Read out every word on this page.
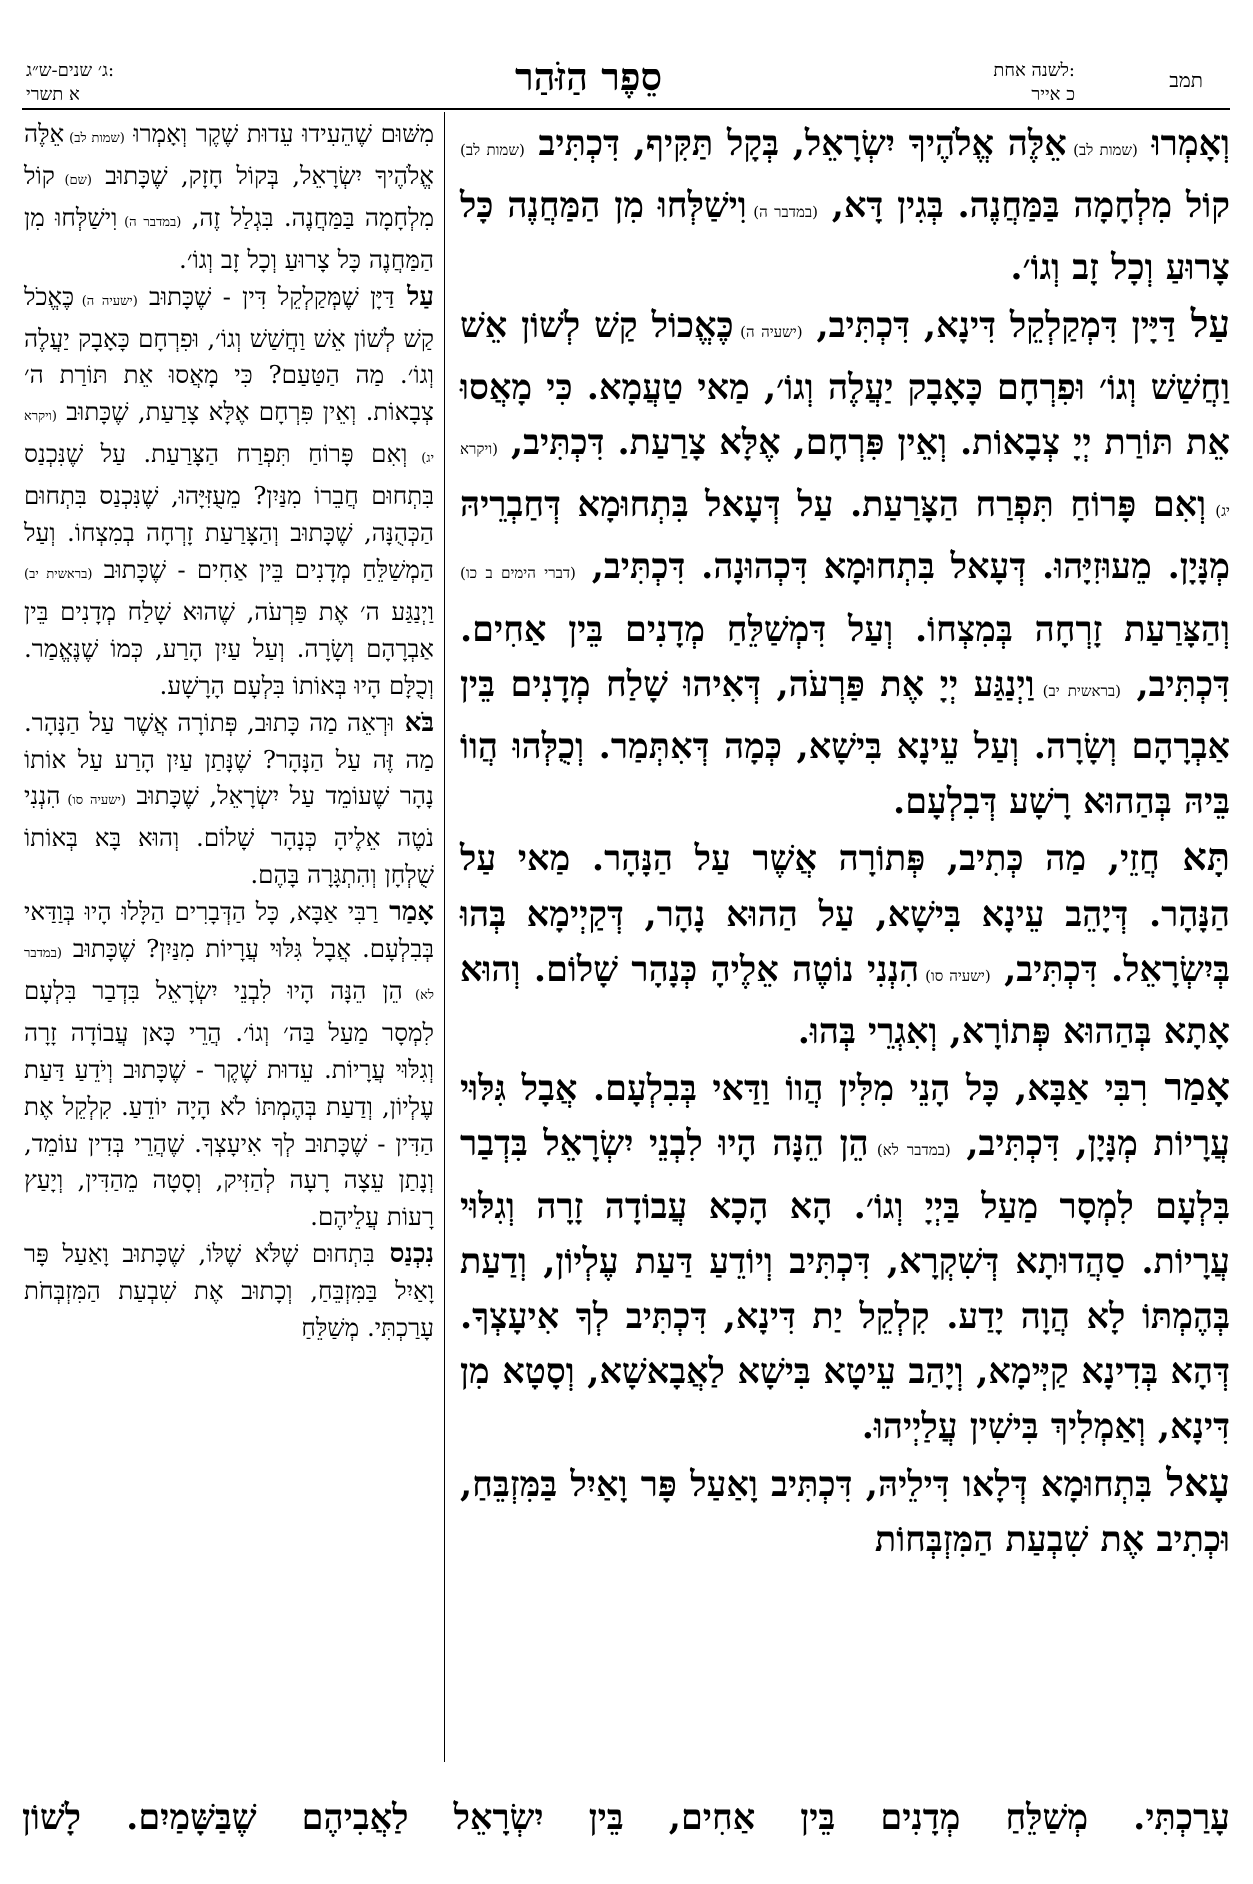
תמב
לשנה אחת:
כ אייר
סֵפֶר הַזֹּהַר
ג׳ שנים-ש״ג:
א תשרי

וְאָמְרוּ (שמות לב) אֵלֶּה אֱלֹהֶיךָ יִשְׂרָאֵל, בְּקָל תַּקִּיף, דִּכְתִּיב (שמות לב) קוֹל מִלְחָמָה בַּמַּחֲנֶה. בְּגִין דָּא, (במדבר ה) וִישַׁלְּחוּ מִן הַמַּחֲנֶה כָּל צָרוּעַ וְכָל זָב וְגוֹ׳.

עַל דַּיָּין דִּמְקַלְקֵל דִּינָא, דִּכְתִּיב, (ישעיה ה) כֶּאֱכוֹל קַשׁ לְשׁוֹן אֵשׁ וַחֲשַׁשׁ וְגוֹ׳ וּפִרְחָם כָּאָבָק יַעֲלֶה וְגוֹ׳, מַאי טַעֲמָא. כִּי מָאֲסוּ אֵת תּוֹרַת יְיָ צְבָאוֹת. וְאֵין פִּרְחָם, אֶלָּא צָרַעַת. דִּכְתִּיב, (ויקרא יג) וְאִם פָּרוֹחַ תִּפְרַח הַצָּרַעַת. עַל דְּעָאל בִּתְחוּמָא דְּחַבְרֵיהּ מְנָּיָן. מֵעוּזִיָּהוּ. דְּעָאל בִּתְחוּמָא דִּכְהוּנָה. דִּכְתִּיב, (דברי הימים ב כו) וְהַצָּרַעַת זָרְחָה בְּמִצְחוֹ. וְעַל דִּמְשַׁלֵּחַ מְדָנִים בֵּין אַחִים. דִּכְתִּיב, (בראשית יב) וַיְנַגַּע יְיָ אֶת פַּרְעֹה, דְּאִיהוּ שָׁלַח מְדָנִים בֵּין אַבְרָהָם וְשָׂרָה. וְעַל עֵינָא בִּישָׁא, כְּמָה דְּאִתְּמַר. וְכֻלְּהוּ הֲווֹ בֵּיהּ בְּהַהוּא רָשָׁע דְּבִלְעָם.

תָּא חֲזֵי, מַה כְּתִיב, פְּתוֹרָה אֲשֶׁר עַל הַנָּהָר. מַאי עַל הַנָּהָר. דְּיָהֵב עֵינָא בִּישָׁא, עַל הַהוּא נָהָר, דְּקַיְימָא בְּהוּ בְּיִשְׂרָאֵל. דִּכְתִּיב, (ישעיה סו) הִנְנִי נוֹטֶה אֵלֶיהָ כְּנָהָר שָׁלוֹם. וְהוּא אָתָא בְּהַהוּא פְּתוֹרָא, וְאִגְרֵי בְּהוּ.

אָמַר רִבִּי אַבָּא, כָּל הָנֵי מִלִּין הֲווֹ וַדַּאי בְּבִלְעָם. אֲבָל גִּלּוּי עֲרָיוֹת מְנָּיָן, דִּכְתִּיב, (במדבר לא) הֵן הֵנָּה הָיוּ לִבְנֵי יִשְׂרָאֵל בִּדְבַר בִּלְעָם לִמְסָר מַעַל בַּיְיָ וְגוֹ׳. הָא הָכָא עֲבוֹדָה זָרָה וְגִלּוּי עֲרָיוֹת. סַהֲדוּתָא דְּשִׁקְרָא, דִּכְתִּיב וְיוֹדֵעַ דַּעַת עֶלְיוֹן, וְדַעַת בְּהֶמְתּוֹ לָא הֲוָה יָדַע. קִלְקֵל יַת דִּינָא, דִּכְתִּיב לְךָ אִיעָצְךָ. דְּהָא בְּדִינָא קַיְּימָא, וְיָהַב עֵיטָא בִּישָׁא לַאֲבָאשָׁא, וְסָטָא מִן דִּינָא, וְאַמְלִיךְ בִּישִׁין עֲלַיְיהוּ.

עָאל בִּתְחוּמָא דְּלָאו דִּילֵיהּ, דִּכְתִּיב וָאַעַל פָּר וָאַיִל בַּמִּזְבֵּחַ, וּכְתִיב אֶת שִׁבְעַת הַמִּזְבְּחוֹת

מִשּׁוּם שֶׁהֵעִידוּ עֵדוּת שֶׁקֶר וְאָמְרוּ (שמות לב) אֵלֶּה אֱלֹהֶיךָ יִשְׂרָאֵל, בְּקוֹל חָזָק, שֶׁכָּתוּב (שם) קוֹל מִלְחָמָה בַּמַּחֲנֶה. בִּגְלַל זֶה, (במדבר ה) וִישַׁלְּחוּ מִן הַמַּחֲנֶה כָּל צָרוּעַ וְכָל זָב וְגוֹ׳.

עַל דַּיָּן שֶׁמְּקַלְקֵל דִּין - שֶׁכָּתוּב (ישעיה ה) כֶּאֱכֹל קַשׁ לְשׁוֹן אֵשׁ וַחֲשַׁשׁ וְגוֹ׳, וּפִרְחָם כָּאָבָק יַעֲלֶה וְגוֹ׳. מַה הַטַּעַם? כִּי מָאֲסוּ אֵת תּוֹרַת ה׳ צְבָאוֹת. וְאֵין פִּרְחָם אֶלָּא צָרַעַת, שֶׁכָּתוּב (ויקרא יג) וְאִם פָּרוֹחַ תִּפְרַח הַצָּרַעַת. עַל שֶׁנִּכְנַס בִּתְחוּם חֲבֵרוֹ מִנַּיִן? מֵעֻזִּיָּהוּ, שֶׁנִּכְנַס בִּתְחוּם הַכְּהֻנָּה, שֶׁכָּתוּב וְהַצָּרַעַת זָרְחָה בְמִצְחוֹ. וְעַל הַמְשַׁלֵּחַ מְדָנִים בֵּין אַחִים - שֶׁכָּתוּב (בראשית יב) וַיְנַגַּע ה׳ אֶת פַּרְעֹה, שֶׁהוּא שָׁלַח מְדָנִים בֵּין אַבְרָהָם וְשָׂרָה. וְעַל עַיִן הָרַע, כְּמוֹ שֶׁנֶּאֱמַר. וְכֻלָּם הָיוּ בְּאוֹתוֹ בִּלְעָם הָרָשָׁע.

בֹּא וּרְאֵה מַה כָּתוּב, פְּתוֹרָה אֲשֶׁר עַל הַנָּהָר. מַה זֶּה עַל הַנָּהָר? שֶׁנָּתַן עַיִן הָרַע עַל אוֹתוֹ נָהָר שֶׁעוֹמֵד עַל יִשְׂרָאֵל, שֶׁכָּתוּב (ישעיה סו) הִנְנִי נֹטֶה אֵלֶיהָ כְּנָהָר שָׁלוֹם. וְהוּא בָּא בְּאוֹתוֹ שֻׁלְחָן וְהִתְגָּרָה בָּהֶם.

אָמַר רַבִּי אַבָּא, כָּל הַדְּבָרִים הַלָּלוּ הָיוּ בְּוַדַּאי בְּבִלְעָם. אֲבָל גִּלּוּי עֲרָיוֹת מִנַּיִן? שֶׁכָּתוּב (במדבר לא) הֵן הֵנָּה הָיוּ לִבְנֵי יִשְׂרָאֵל בִּדְבַר בִּלְעָם לִמְסָר מַעַל בַּה׳ וְגוֹ׳. הֲרֵי כָּאן עֲבוֹדָה זָרָה וְגִלּוּי עֲרָיוֹת. עֵדוּת שֶׁקֶר - שֶׁכָּתוּב וְיֹדֵעַ דַּעַת עֶלְיוֹן, וְדַעַת בְּהֶמְתּוֹ לֹא הָיָה יוֹדֵעַ. קִלְקֵל אֶת הַדִּין - שֶׁכָּתוּב לְךָ אִיעָצְךָ. שֶׁהֲרֵי בְּדִין עוֹמֵד, וְנָתַן עֵצָה רָעָה לְהַזִּיק, וְסָטָה מֵהַדִּין, וְיָעַץ רָעוֹת עֲלֵיהֶם.

נִכְנַס בִּתְחוּם שֶׁלֹּא שֶׁלּוֹ, שֶׁכָּתוּב וָאַעַל פָּר וָאַיִל בַּמִּזְבֵּחַ, וְכָתוּב אֶת שִׁבְעַת הַמִּזְבְּחֹת עָרַכְתִּי. מְשַׁלֵּחַ

עָרַכְתִּי. מְשַׁלֵּחַ מְדָנִים בֵּין אַחִים, בֵּין יִשְׂרָאֵל לַאֲבִיהֶם שֶׁבַּשָּׁמַיִם. לָשׁוֹן
